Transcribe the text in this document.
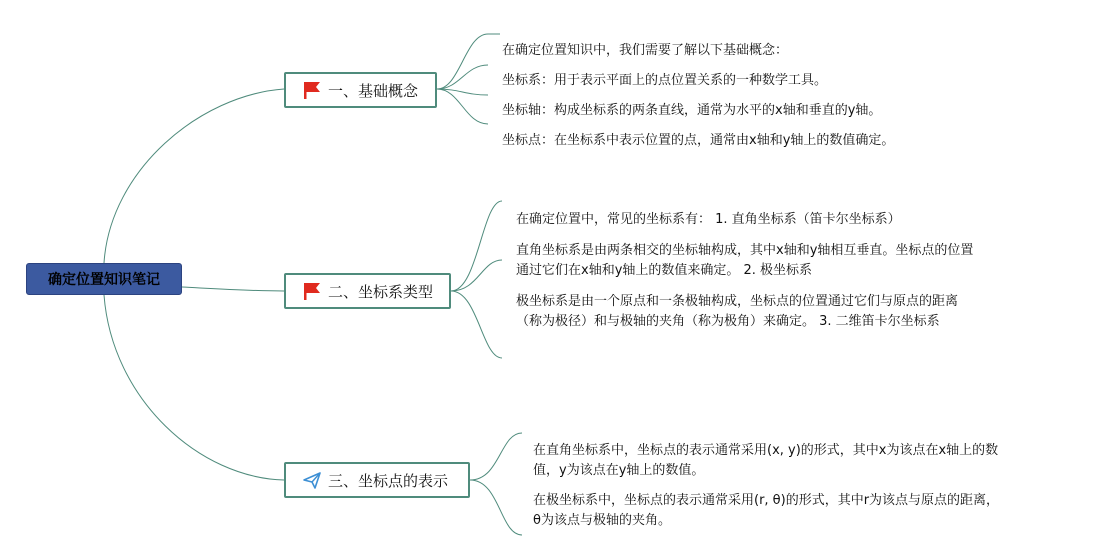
确定位置知识笔记
一、基础概念
二、坐标系类型
三、坐标点的表示
在确定位置知识中，我们需要了解以下基础概念：
坐标系：用于表示平面上的点位置关系的一种数学工具。
坐标轴：构成坐标系的两条直线，通常为水平的x轴和垂直的y轴。
坐标点：在坐标系中表示位置的点，通常由x轴和y轴上的数值确定。
在确定位置中，常见的坐标系有： 1. 直角坐标系（笛卡尔坐标系）
直角坐标系是由两条相交的坐标轴构成，其中x轴和y轴相互垂直。坐标点的位置
通过它们在x轴和y轴上的数值来确定。 2. 极坐标系
极坐标系是由一个原点和一条极轴构成，坐标点的位置通过它们与原点的距离
（称为极径）和与极轴的夹角（称为极角）来确定。 3. 二维笛卡尔坐标系
在直角坐标系中，坐标点的表示通常采用(x, y)的形式，其中x为该点在x轴上的数
值，y为该点在y轴上的数值。
在极坐标系中，坐标点的表示通常采用(r, θ)的形式，其中r为该点与原点的距离，
θ为该点与极轴的夹角。
